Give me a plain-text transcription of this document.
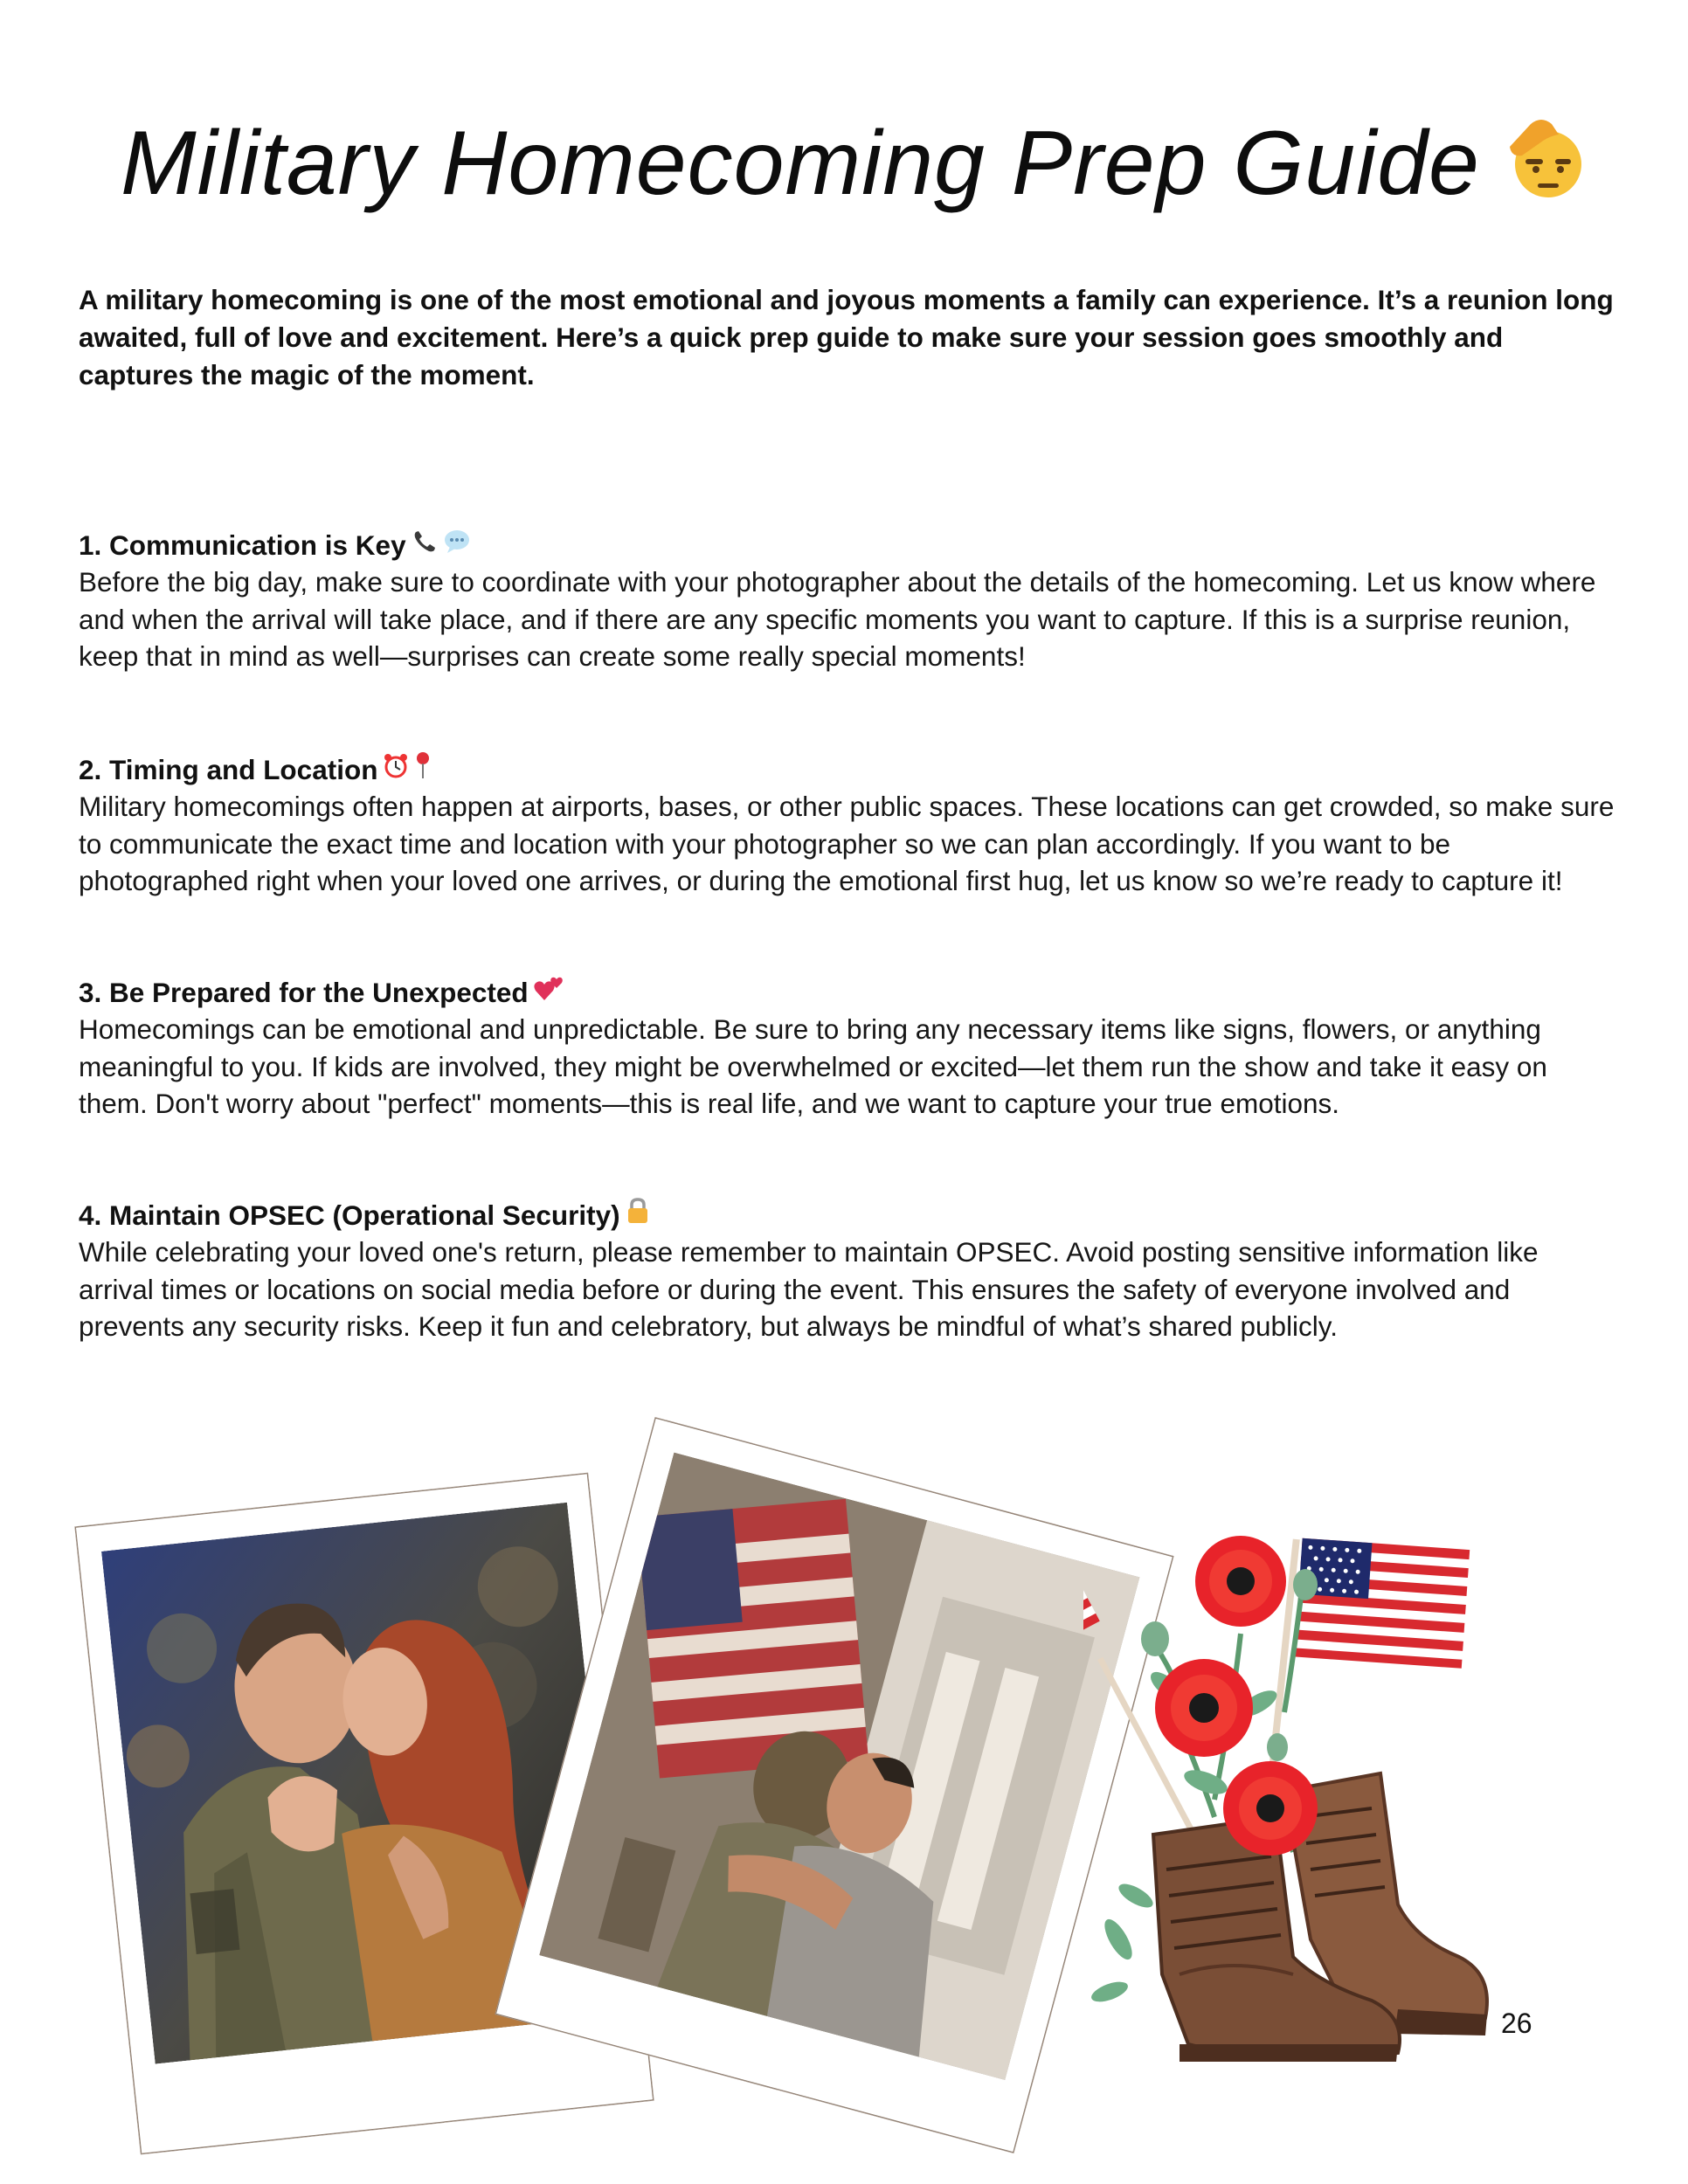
Military Homecoming Prep Guide

A military homecoming is one of the most emotional and joyous moments a family can experience. It’s a reunion long awaited, full of love and excitement. Here’s a quick prep guide to make sure your session goes smoothly and captures the magic of the moment.

1. Communication is Key

Before the big day, make sure to coordinate with your photographer about the details of the homecoming. Let us know where and when the arrival will take place, and if there are any specific moments you want to capture. If this is a surprise reunion, keep that in mind as well—surprises can create some really special moments!

2. Timing and Location

Military homecomings often happen at airports, bases, or other public spaces. These locations can get crowded, so make sure to communicate the exact time and location with your photographer so we can plan accordingly. If you want to be photographed right when your loved one arrives, or during the emotional first hug, let us know so we’re ready to capture it!

3. Be Prepared for the Unexpected

Homecomings can be emotional and unpredictable. Be sure to bring any necessary items like signs, flowers, or anything meaningful to you. If kids are involved, they might be overwhelmed or excited—let them run the show and take it easy on them. Don't worry about "perfect" moments—this is real life, and we want to capture your true emotions.

4. Maintain OPSEC (Operational Security)

While celebrating your loved one's return, please remember to maintain OPSEC. Avoid posting sensitive information like arrival times or locations on social media before or during the event. This ensures the safety of everyone involved and prevents any security risks. Keep it fun and celebratory, but always be mindful of what’s shared publicly.

26
